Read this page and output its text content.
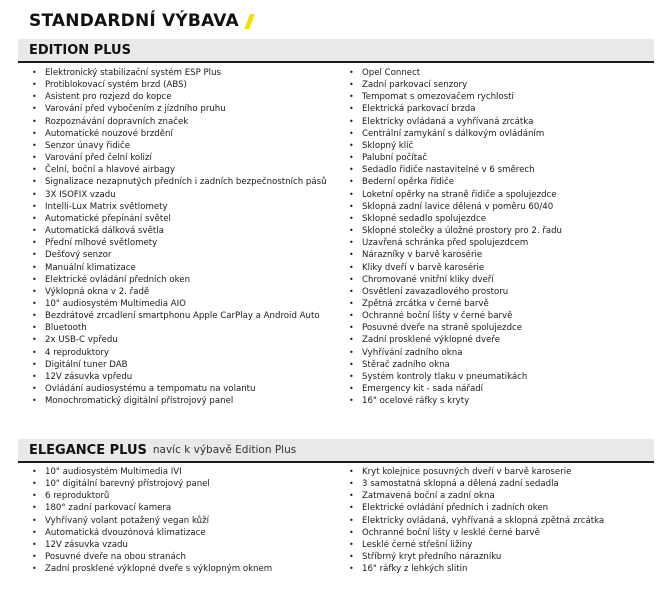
STANDARDNÍ VÝBAVA
EDITION PLUS
• Elektronický stabilizační systém ESP Plus
• Protiblokovací systém brzd (ABS)
• Asistent pro rozjezd do kopce
• Varování před vybočením z jízdního pruhu
• Rozpoznávání dopravních značek
• Automatické nouzové brzdění
• Senzor únavy řidiče
• Varování před čelní kolizí
• Čelní, boční a hlavové airbagy
• Signalizace nezapnutých předních i zadních bezpečnostních pásů
• 3X ISOFIX vzadu
• Intelli-Lux Matrix světlomety
• Automatické přepínání světel
• Automatická dálková světla
• Přední mlhové světlomety
• Dešťový senzor
• Manuální klimatizace
• Elektrické ovládání předních oken
• Výklopná okna v 2. řadě
• 10" audiosystém Multimedia AIO
• Bezdrátové zrcadlení smartphonu Apple CarPlay a Android Auto
• Bluetooth
• 2x USB-C vpředu
• 4 reproduktory
• Digitální tuner DAB
• 12V zásuvka vpředu
• Ovládání audiosystému a tempomatu na volantu
• Monochromatický digitální přístrojový panel
• Opel Connect
• Zadní parkovací senzory
• Tempomat s omezovačem rychlosti
• Elektrická parkovací brzda
• Elektricky ovládaná a vyhřívaná zrcátka
• Centrální zamykání s dálkovým ovládáním
• Sklopný klíč
• Palubní počítač
• Sedadlo řidiče nastavitelné v 6 směrech
• Bederní opěrka řidiče
• Loketní opěrky na straně řidiče a spolujezdce
• Sklopná zadní lavice dělená v poměru 60/40
• Sklopné sedadlo spolujezdce
• Sklopné stolečky a úložné prostory pro 2. řadu
• Uzavřená schránka před spolujezdcem
• Nárazníky v barvě karosérie
• Kliky dveří v barvě karosérie
• Chromované vnitřní kliky dveří
• Osvětlení zavazadlového prostoru
• Zpětná zrcátka v černé barvě
• Ochranné boční lišty v černé barvě
• Posuvné dveře na straně spolujezdce
• Zadní prosklené výklopné dveře
• Vyhřívání zadního okna
• Stěrač zadního okna
• Systém kontroly tlaku v pneumatikách
• Emergency kit - sada nářadí
• 16" ocelové ráfky s kryty
ELEGANCE PLUS navíc k výbavě Edition Plus
• 10" audiosystém Multimedia IVI
• 10" digitální barevný přístrojový panel
• 6 reproduktorů
• 180° zadní parkovací kamera
• Vyhřívaný volant potažený vegan kůží
• Automatická dvouzónová klimatizace
• 12V zásuvka vzadu
• Posuvné dveře na obou stranách
• Zadní prosklené výklopné dveře s výklopným oknem
• Kryt kolejnice posuvných dveří v barvě karoserie
• 3 samostatná sklopná a dělená zadní sedadla
• Zatmavená boční a zadní okna
• Elektrické ovládání předních i zadních oken
• Elektricky ovládaná, vyhřívaná a sklopná zpětná zrcátka
• Ochranné boční lišty v lesklé černé barvě
• Lesklé černé střešní ližiny
• Stříbrný kryt předního nárazníku
• 16" ráfky z lehkých slitin
